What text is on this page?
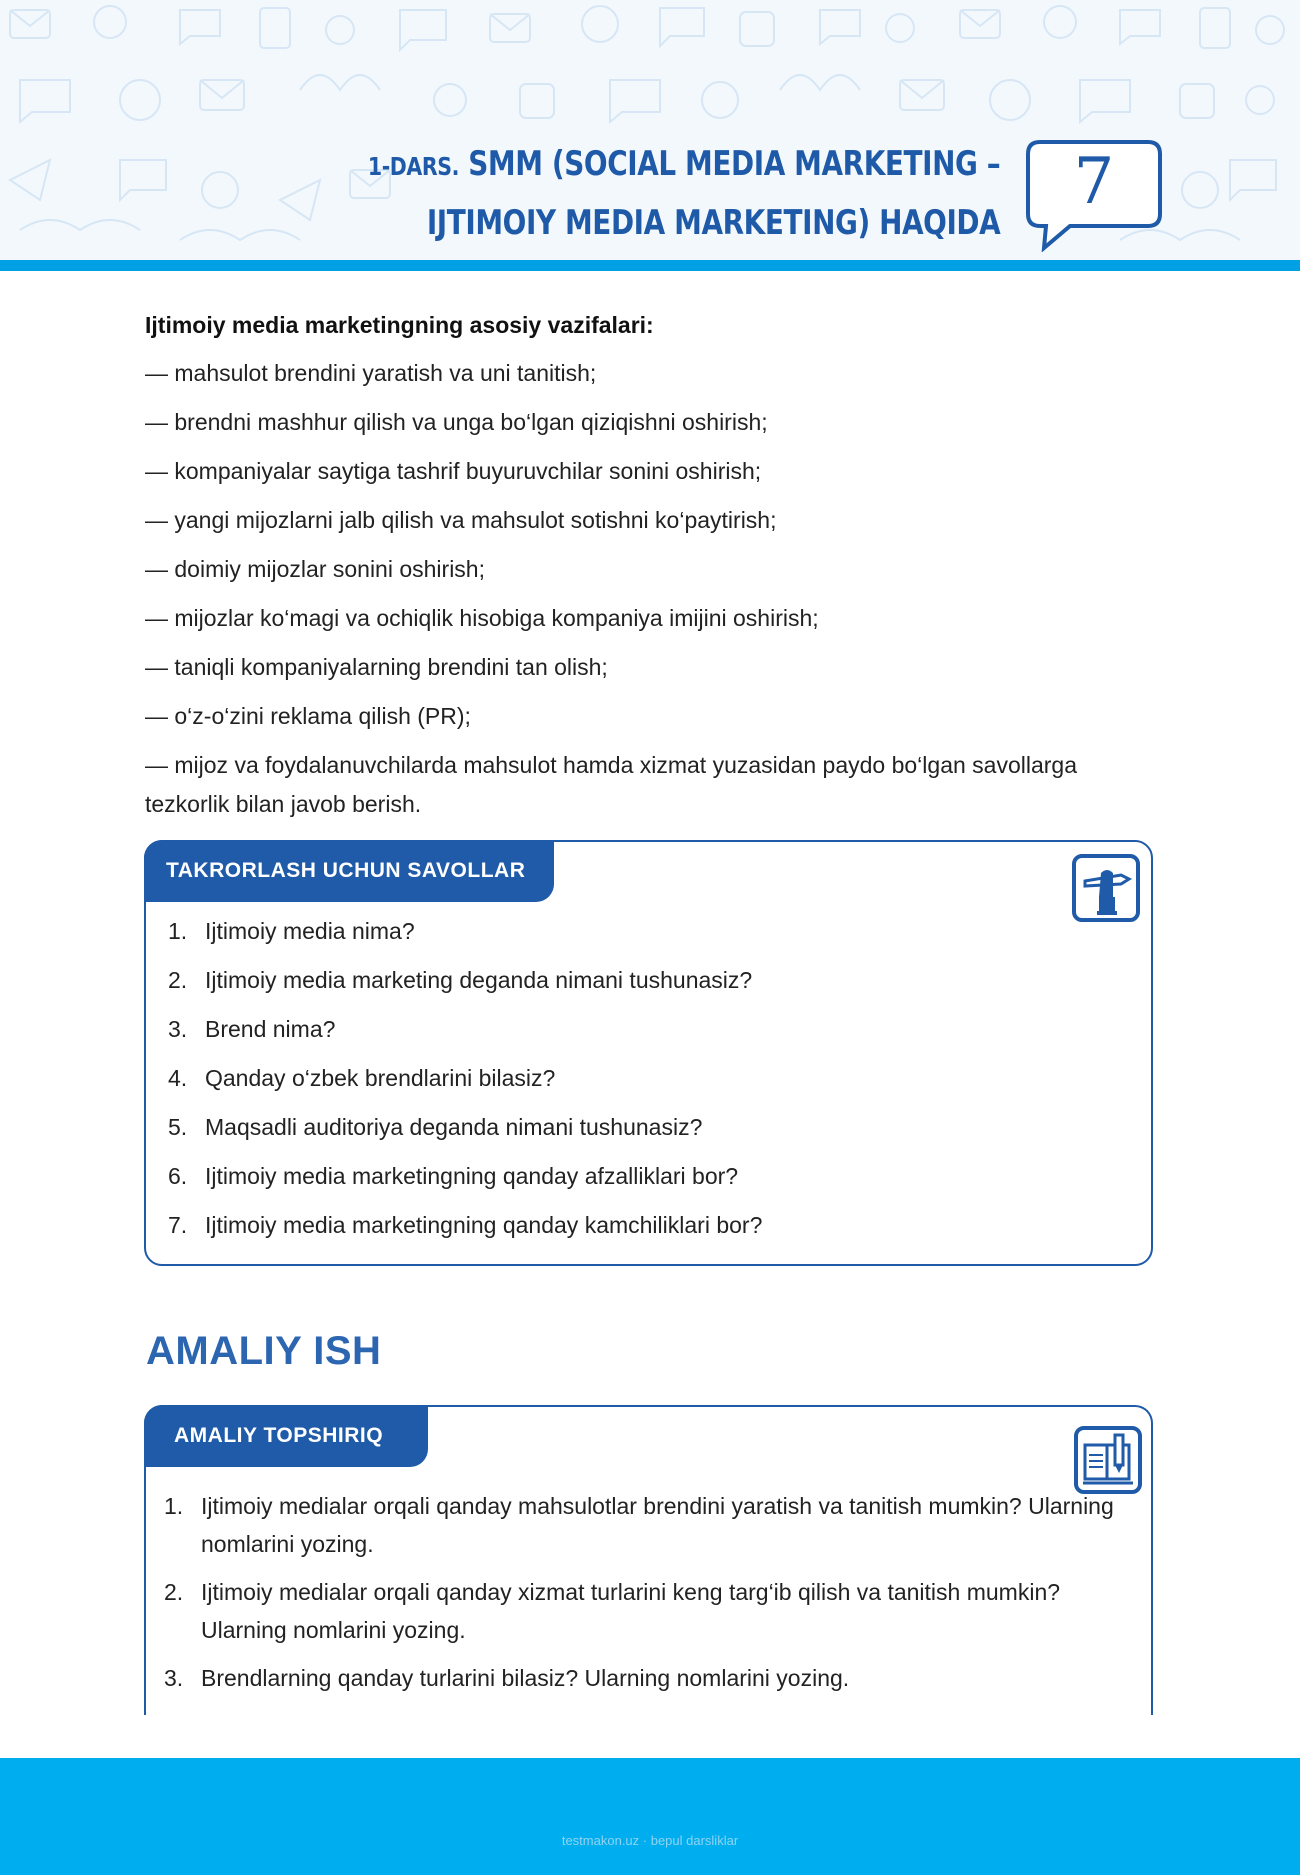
1-DARS. SMM (SOCIAL MEDIA MARKETING –
IJTIMOIY MEDIA MARKETING) HAQIDA
7
Ijtimoiy media marketingning asosiy vazifalari:
— mahsulot brendini yaratish va uni tanitish;
— brendni mashhur qilish va unga bo‘lgan qiziqishni oshirish;
— kompaniyalar saytiga tashrif buyuruvchilar sonini oshirish;
— yangi mijozlarni jalb qilish va mahsulot sotishni ko‘paytirish;
— doimiy mijozlar sonini oshirish;
— mijozlar ko‘magi va ochiqlik hisobiga kompaniya imijini oshirish;
— taniqli kompaniyalarning brendini tan olish;
— o‘z-o‘zini reklama qilish (PR);
— mijoz va foydalanuvchilarda mahsulot hamda xizmat yuzasidan paydo bo‘lgan savollarga tezkorlik bilan javob berish.
TAKRORLASH UCHUN SAVOLLAR
1. Ijtimoiy media nima?
2. Ijtimoiy media marketing deganda nimani tushunasiz?
3. Brend nima?
4. Qanday o‘zbek brendlarini bilasiz?
5. Maqsadli auditoriya deganda nimani tushunasiz?
6. Ijtimoiy media marketingning qanday afzalliklari bor?
7. Ijtimoiy media marketingning qanday kamchiliklari bor?
AMALIY ISH
AMALIY TOPSHIRIQ
1. Ijtimoiy medialar orqali qanday mahsulotlar brendini yaratish va tanitish mumkin? Ularning nomlarini yozing.
2. Ijtimoiy medialar orqali qanday xizmat turlarini keng targ‘ib qilish va tanitish mumkin? Ularning nomlarini yozing.
3. Brendlarning qanday turlarini bilasiz? Ularning nomlarini yozing.
testmakon.uz · bepul darsliklar
